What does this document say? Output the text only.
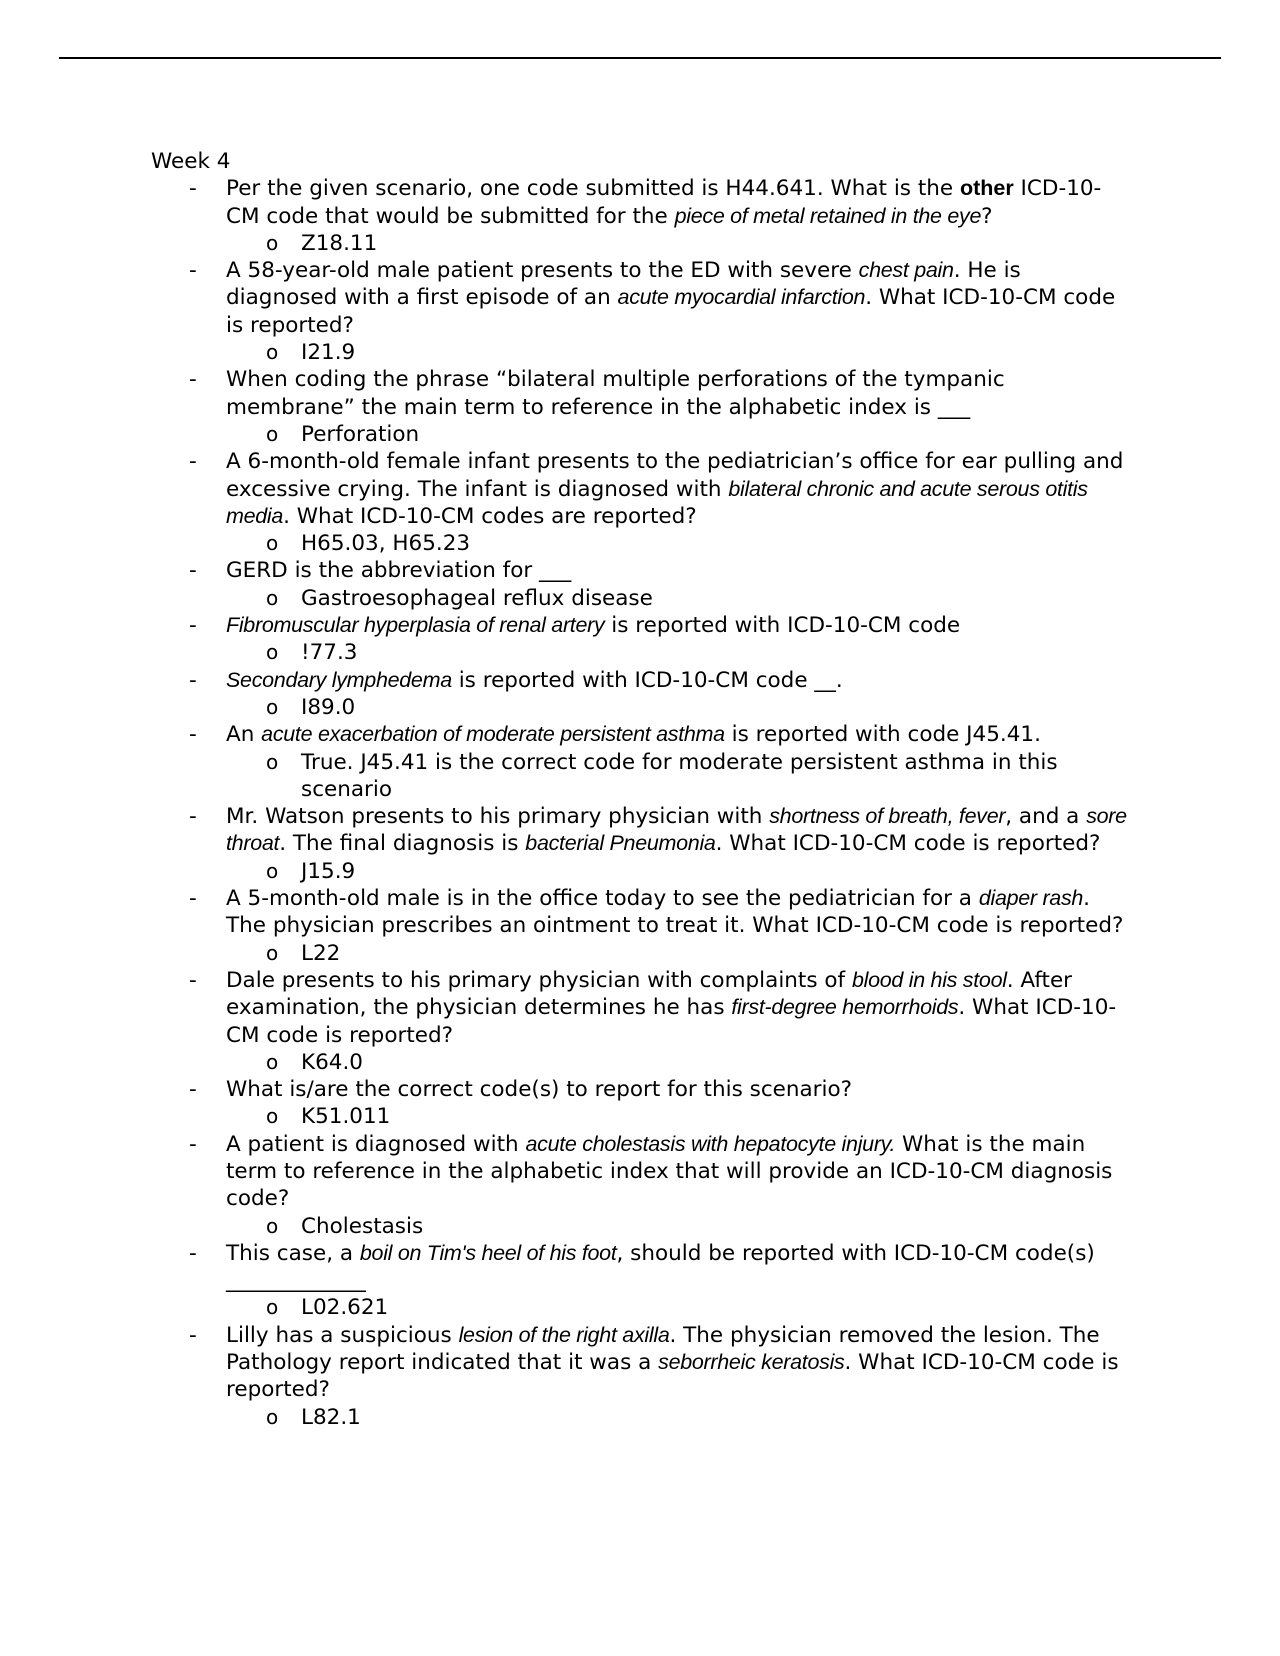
Week 4

- Per the given scenario, one code submitted is H44.641. What is the other ICD-10-CM code that would be submitted for the piece of metal retained in the eye?
o Z18.11
- A 58-year-old male patient presents to the ED with severe chest pain. He is diagnosed with a first episode of an acute myocardial infarction. What ICD-10-CM code is reported?
o I21.9
- When coding the phrase “bilateral multiple perforations of the tympanic membrane” the main term to reference in the alphabetic index is ___
o Perforation
- A 6-month-old female infant presents to the pediatrician’s office for ear pulling and excessive crying. The infant is diagnosed with bilateral chronic and acute serous otitis media. What ICD-10-CM codes are reported?
o H65.03, H65.23
- GERD is the abbreviation for ___
o Gastroesophageal reflux disease
- Fibromuscular hyperplasia of renal artery is reported with ICD-10-CM code
o !77.3
- Secondary lymphedema is reported with ICD-10-CM code __.
o I89.0
- An acute exacerbation of moderate persistent asthma is reported with code J45.41.
o True. J45.41 is the correct code for moderate persistent asthma in this scenario
- Mr. Watson presents to his primary physician with shortness of breath, fever, and a sore throat. The final diagnosis is bacterial Pneumonia. What ICD-10-CM code is reported?
o J15.9
- A 5-month-old male is in the office today to see the pediatrician for a diaper rash. The physician prescribes an ointment to treat it. What ICD-10-CM code is reported?
o L22
- Dale presents to his primary physician with complaints of blood in his stool. After examination, the physician determines he has first-degree hemorrhoids. What ICD-10- CM code is reported?
o K64.0
- What is/are the correct code(s) to report for this scenario?
o K51.011
- A patient is diagnosed with acute cholestasis with hepatocyte injury. What is the main term to reference in the alphabetic index that will provide an ICD-10-CM diagnosis code?
o Cholestasis
- This case, a boil on Tim's heel of his foot, should be reported with ICD-10-CM code(s)
_____________
o L02.621
- Lilly has a suspicious lesion of the right axilla. The physician removed the lesion. The Pathology report indicated that it was a seborrheic keratosis. What ICD-10-CM code is reported?
o L82.1
